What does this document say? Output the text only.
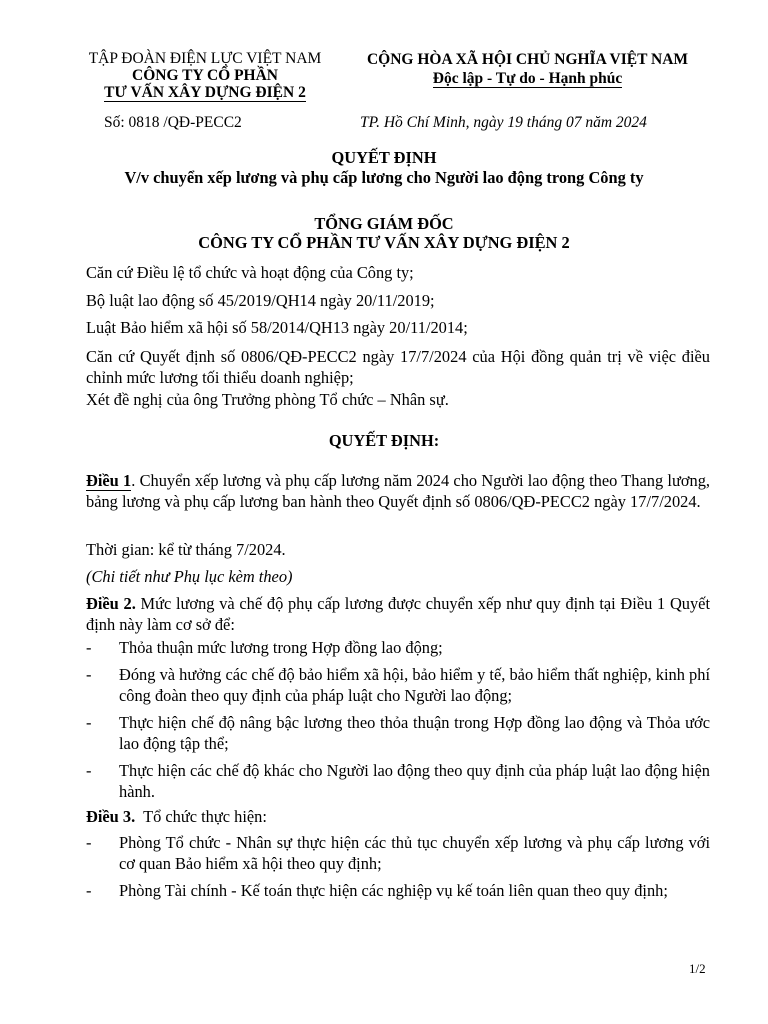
TẬP ĐOÀN ĐIỆN LỰC VIỆT NAM
CÔNG TY CỔ PHẦN
TƯ VẤN XÂY DỰNG ĐIỆN 2
Số: 0818 /QĐ-PECC2
CỘNG HÒA XÃ HỘI CHỦ NGHĨA VIỆT NAM
Độc lập - Tự do - Hạnh phúc
TP. Hồ Chí Minh, ngày 19 tháng 07 năm 2024
QUYẾT ĐỊNH
V/v chuyển xếp lương và phụ cấp lương cho Người lao động trong Công ty
TỔNG GIÁM ĐỐC
CÔNG TY CỔ PHẦN TƯ VẤN XÂY DỰNG ĐIỆN 2
Căn cứ Điều lệ tổ chức và hoạt động của Công ty;
Bộ luật lao động số 45/2019/QH14 ngày 20/11/2019;
Luật Bảo hiểm xã hội số 58/2014/QH13 ngày 20/11/2014;
Căn cứ Quyết định số 0806/QĐ-PECC2 ngày 17/7/2024 của Hội đồng quản trị về việc điều chỉnh mức lương tối thiểu doanh nghiệp;
Xét đề nghị của ông Trưởng phòng Tổ chức – Nhân sự.
QUYẾT ĐỊNH:
Điều 1. Chuyển xếp lương và phụ cấp lương năm 2024 cho Người lao động theo Thang lương, bảng lương và phụ cấp lương ban hành theo Quyết định số 0806/QĐ-PECC2 ngày 17/7/2024.
Thời gian: kể từ tháng 7/2024.
(Chi tiết như Phụ lục kèm theo)
Điều 2. Mức lương và chế độ phụ cấp lương được chuyển xếp như quy định tại Điều 1 Quyết định này làm cơ sở để:
- Thỏa thuận mức lương trong Hợp đồng lao động;
- Đóng và hưởng các chế độ bảo hiểm xã hội, bảo hiểm y tế, bảo hiểm thất nghiệp, kinh phí công đoàn theo quy định của pháp luật cho Người lao động;
- Thực hiện chế độ nâng bậc lương theo thỏa thuận trong Hợp đồng lao động và Thỏa ước lao động tập thể;
- Thực hiện các chế độ khác cho Người lao động theo quy định của pháp luật lao động hiện hành.
Điều 3.  Tổ chức thực hiện:
- Phòng Tổ chức - Nhân sự thực hiện các thủ tục chuyển xếp lương và phụ cấp lương với cơ quan Bảo hiểm xã hội theo quy định;
- Phòng Tài chính - Kế toán thực hiện các nghiệp vụ kế toán liên quan theo quy định;
1/2
